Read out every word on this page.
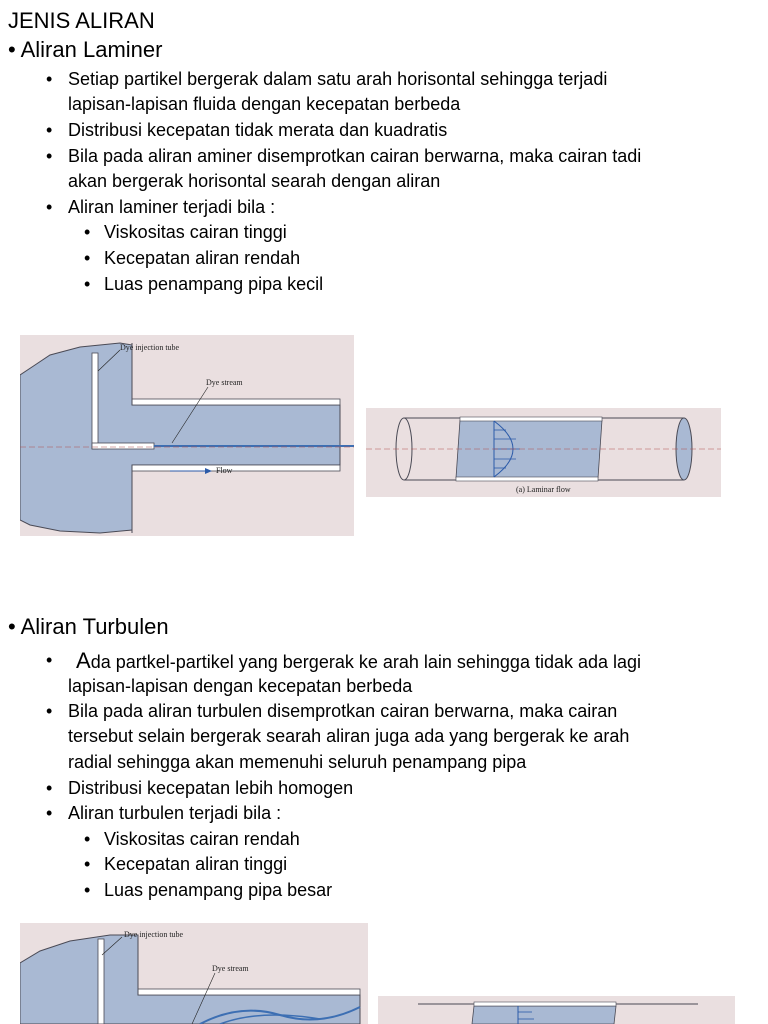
JENIS ALIRAN
• Aliran Laminer
• Setiap partikel bergerak dalam satu arah horisontal sehingga terjadi
lapisan-lapisan fluida dengan kecepatan berbeda
• Distribusi kecepatan tidak merata dan kuadratis
• Bila pada aliran aminer disemprotkan cairan berwarna, maka cairan tadi
akan bergerak horisontal searah dengan aliran
• Aliran laminer terjadi bila :
• Viskositas cairan tinggi
• Kecepatan aliran rendah
• Luas penampang pipa kecil
Dye injection tube
Dye stream
Flow
(a) Laminar flow
• Aliran Turbulen
• Ada partkel-partikel yang bergerak ke arah lain sehingga tidak ada lagi
lapisan-lapisan dengan kecepatan berbeda
• Bila pada aliran turbulen disemprotkan cairan berwarna, maka cairan
tersebut selain bergerak searah aliran juga ada yang bergerak ke arah
radial sehingga akan memenuhi seluruh penampang pipa
• Distribusi kecepatan lebih homogen
• Aliran turbulen terjadi bila :
• Viskositas cairan rendah
• Kecepatan aliran tinggi
• Luas penampang pipa besar
Dye injection tube
Dye stream
